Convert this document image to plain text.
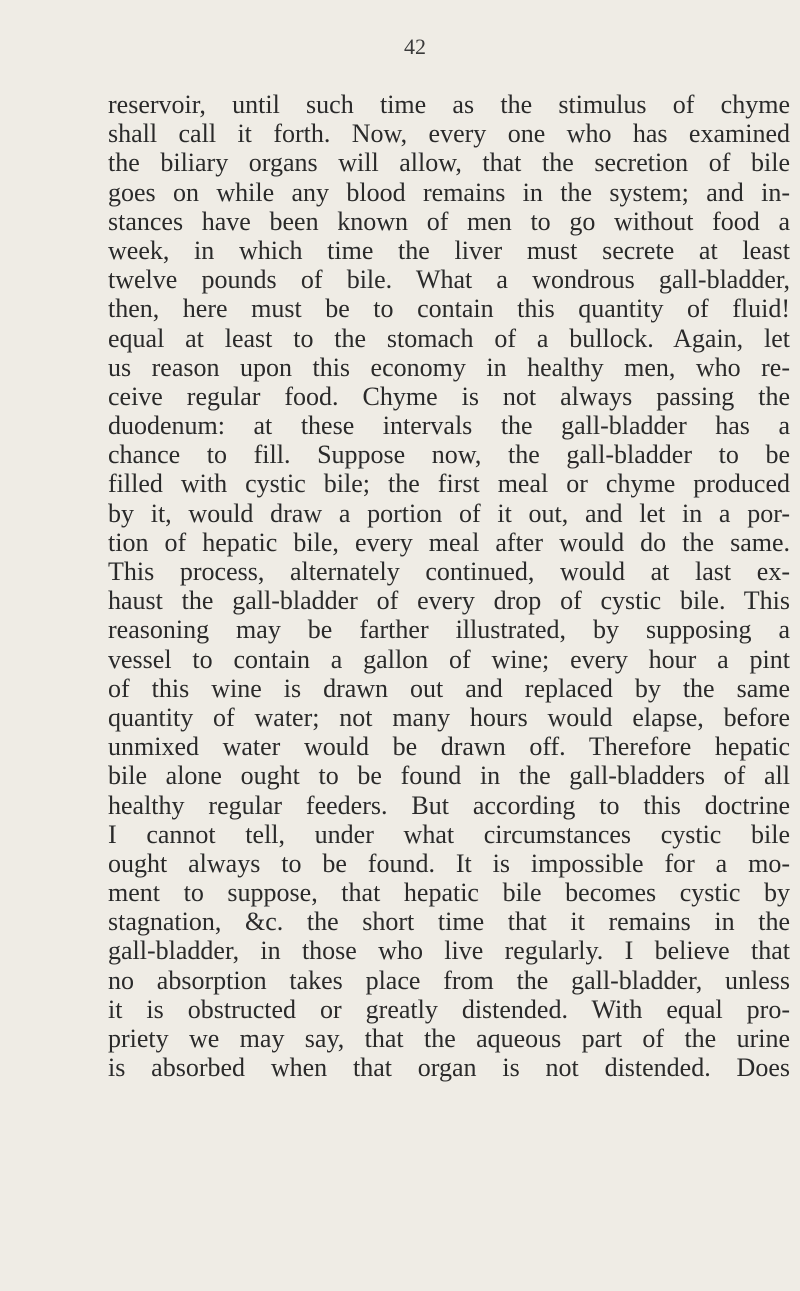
42
reservoir, until such time as the stimulus of chyme
shall call it forth. Now, every one who has examined
the biliary organs will allow, that the secretion of bile
goes on while any blood remains in the system; and in-
stances have been known of men to go without food a
week, in which time the liver must secrete at least
twelve pounds of bile. What a wondrous gall-bladder,
then, here must be to contain this quantity of fluid!
equal at least to the stomach of a bullock. Again, let
us reason upon this economy in healthy men, who re-
ceive regular food. Chyme is not always passing the
duodenum: at these intervals the gall-bladder has a
chance to fill. Suppose now, the gall-bladder to be
filled with cystic bile; the first meal or chyme produced
by it, would draw a portion of it out, and let in a por-
tion of hepatic bile, every meal after would do the same.
This process, alternately continued, would at last ex-
haust the gall-bladder of every drop of cystic bile. This
reasoning may be farther illustrated, by supposing a
vessel to contain a gallon of wine; every hour a pint
of this wine is drawn out and replaced by the same
quantity of water; not many hours would elapse, before
unmixed water would be drawn off. Therefore hepatic
bile alone ought to be found in the gall-bladders of all
healthy regular feeders. But according to this doctrine
I cannot tell, under what circumstances cystic bile
ought always to be found. It is impossible for a mo-
ment to suppose, that hepatic bile becomes cystic by
stagnation, &c. the short time that it remains in the
gall-bladder, in those who live regularly. I believe that
no absorption takes place from the gall-bladder, unless
it is obstructed or greatly distended. With equal pro-
priety we may say, that the aqueous part of the urine
is absorbed when that organ is not distended. Does
